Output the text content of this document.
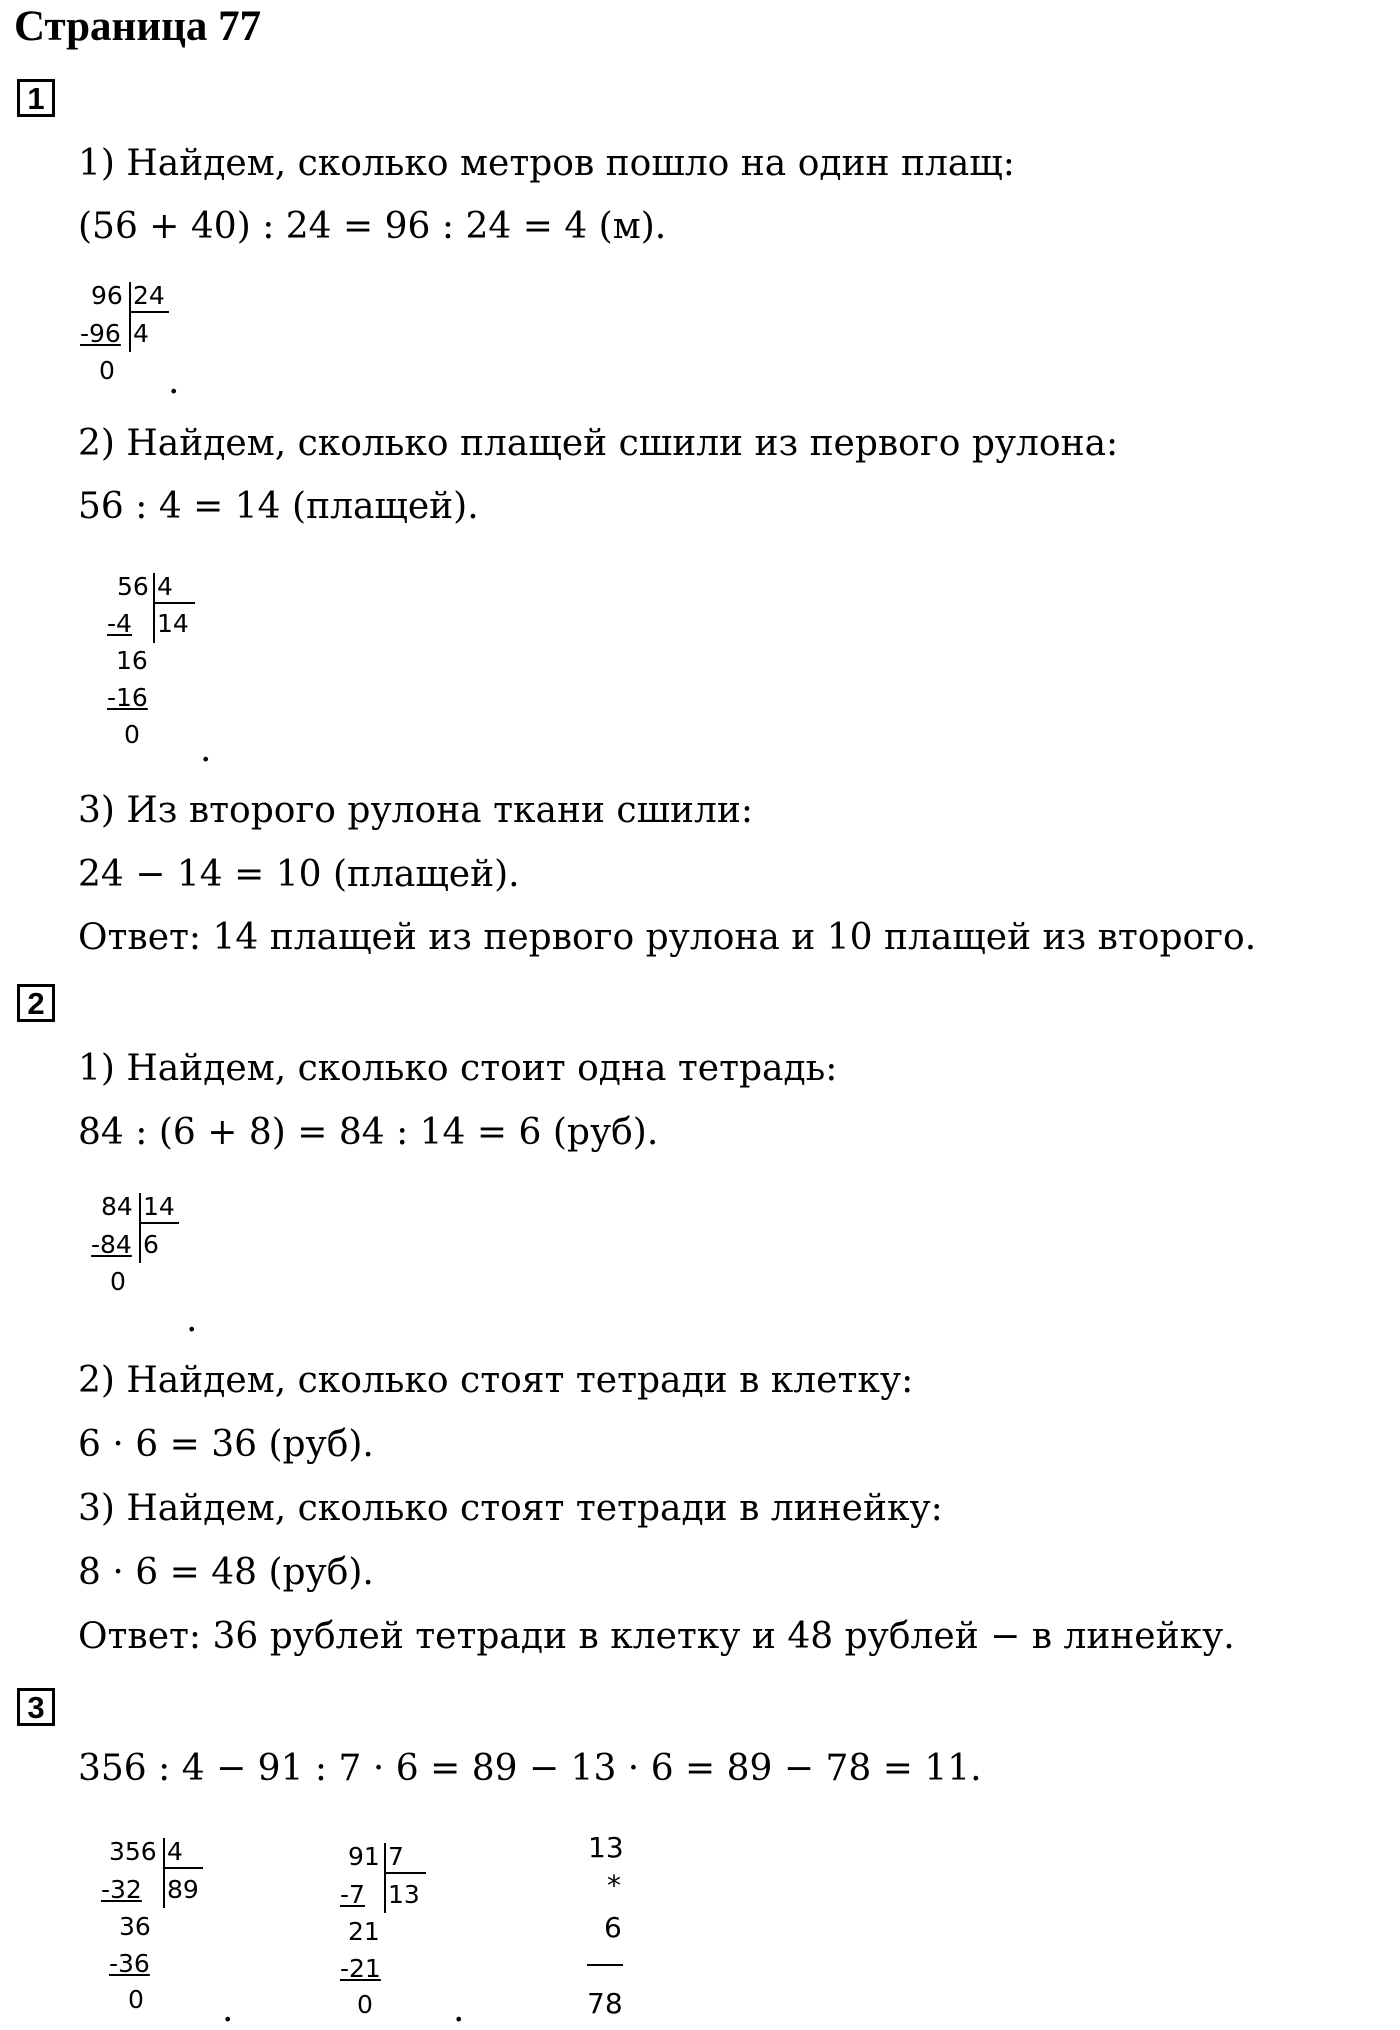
Страница 77
1
1) Найдем, сколько метров пошло на один плащ:
(56 + 40) : 24 = 96 : 24 = 4 (м).
96 24
4
-96
0 .
2) Найдем, сколько плащей сшили из первого рулона:
56 : 4 = 14 (плащей).
56 4
14
-4
16
-16
0 .
3) Из второго рулона ткани сшили:
24 − 14 = 10 (плащей).
Ответ: 14 плащей из первого рулона и 10 плащей из второго.
2
1) Найдем, сколько стоит одна тетрадь:
84 : (6 + 8) = 84 : 14 = 6 (руб).
84 14
6
-84
0
.
2) Найдем, сколько стоят тетради в клетку:
6 · 6 = 36 (руб).
3) Найдем, сколько стоят тетради в линейку:
8 · 6 = 48 (руб).
Ответ: 36 рублей тетради в клетку и 48 рублей − в линейку.
3
356 : 4 − 91 : 7 · 6 = 89 − 13 · 6 = 89 − 78 = 11.
356 4
89
-32
36
-36
0 .
91 7
13
-7
21
-21
0 .
13
*
6
78
